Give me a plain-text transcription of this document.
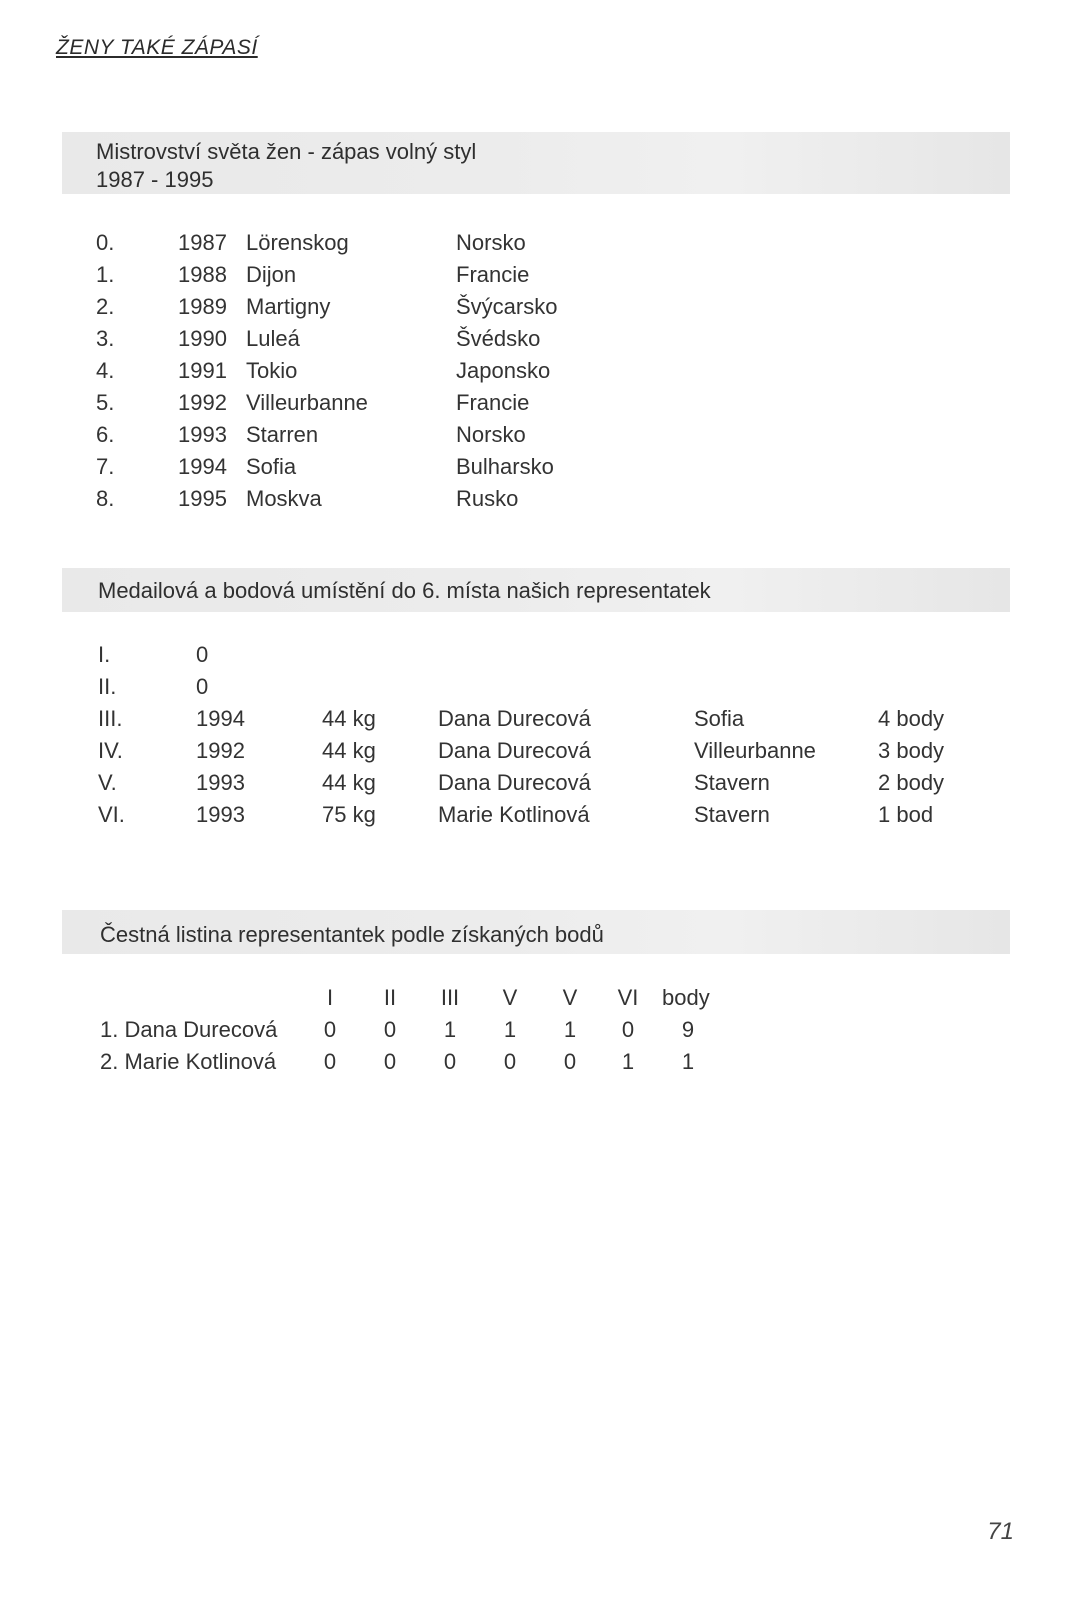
ŽENY TAKÉ ZÁPASÍ
Mistrovství světa žen - zápas volný styl
1987 - 1995
0.	1987 Lörenskog	Norsko
1.	1988 Dijon	Francie
2.	1989 Martigny	Švýcarsko
3.	1990 Luleá	Švédsko
4.	1991 Tokio	Japonsko
5.	1992 Villeurbanne	Francie
6.	1993 Starren	Norsko
7.	1994 Sofia	Bulharsko
8.	1995 Moskva	Rusko
Medailová a bodová umístění do 6. místa našich representatek
I.	0
II.	0
III.	1994	44 kg	Dana Durecová	Sofia	4 body
IV.	1992	44 kg	Dana Durecová	Villeurbanne	3 body
V.	1993	44 kg	Dana Durecová	Stavern	2 body
VI.	1993	75 kg	Marie Kotlinová	Stavern	1 bod
Čestná listina representantek podle získaných bodů
I	II III V V VI body
1. Dana Durecová 0 0 1 1 1 0 9
2. Marie Kotlinová 0 0 0 0 0 1 1
71
